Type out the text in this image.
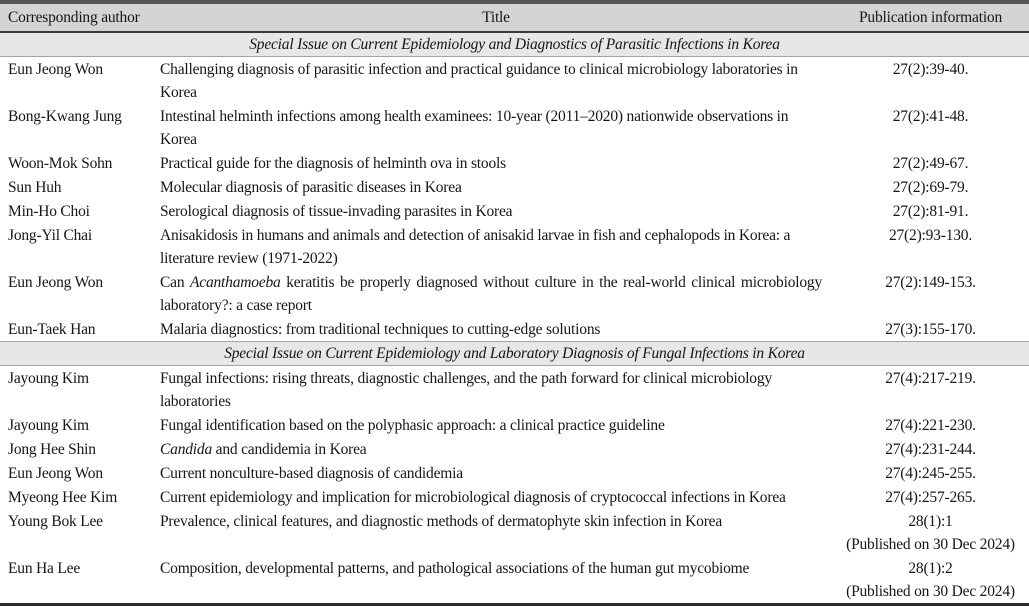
Corresponding author	Title	Publication information
Special Issue on Current Epidemiology and Diagnostics of Parasitic Infections in Korea		
Eun Jeong Won	Challenging diagnosis of parasitic infection and practical guidance to clinical microbiology laboratories in Korea	27(2):39-40.

Bong-Kwang Jung	Intestinal helminth infections among health examinees: 10-year (2011–2020) nationwide observations in Korea	27(2):41-48.

Woon-Mok Sohn	Practical guide for the diagnosis of helminth ova in stools	27(2):49-67.

Sun Huh	Molecular diagnosis of parasitic diseases in Korea	27(2):69-79.

Min-Ho Choi	Serological diagnosis of tissue-invading parasites in Korea	27(2):81-91.

Jong-Yil Chai	Anisakidosis in humans and animals and detection of anisakid larvae in fish and cephalopods in Korea: a literature review (1971-2022)	27(2):93-130.

Eun Jeong Won	Can Acanthamoeba keratitis be properly diagnosed without culture in the real-world clinical microbiology laboratory?: a case report	27(2):149-153.

Eun-Taek Han	Malaria diagnostics: from traditional techniques to cutting-edge solutions	27(3):155-170.

Special Issue on Current Epidemiology and Laboratory Diagnosis of Fungal Infections in Korea		
Jayoung Kim	Fungal infections: rising threats, diagnostic challenges, and the path forward for clinical microbiology laboratories	27(4):217-219.

Jayoung Kim	Fungal identification based on the polyphasic approach: a clinical practice guideline	27(4):221-230.

Jong Hee Shin	Candida and candidemia in Korea	27(4):231-244.

Eun Jeong Won	Current nonculture-based diagnosis of candidemia	27(4):245-255.

Myeong Hee Kim	Current epidemiology and implication for microbiological diagnosis of cryptococcal infections in Korea	27(4):257-265.

Young Bok Lee	Prevalence, clinical features, and diagnostic methods of dermatophyte skin infection in Korea	28(1):1
(Published on 30 Dec 2024)

Eun Ha Lee	Composition, developmental patterns, and pathological associations of the human gut mycobiome	28(1):2
(Published on 30 Dec 2024)
